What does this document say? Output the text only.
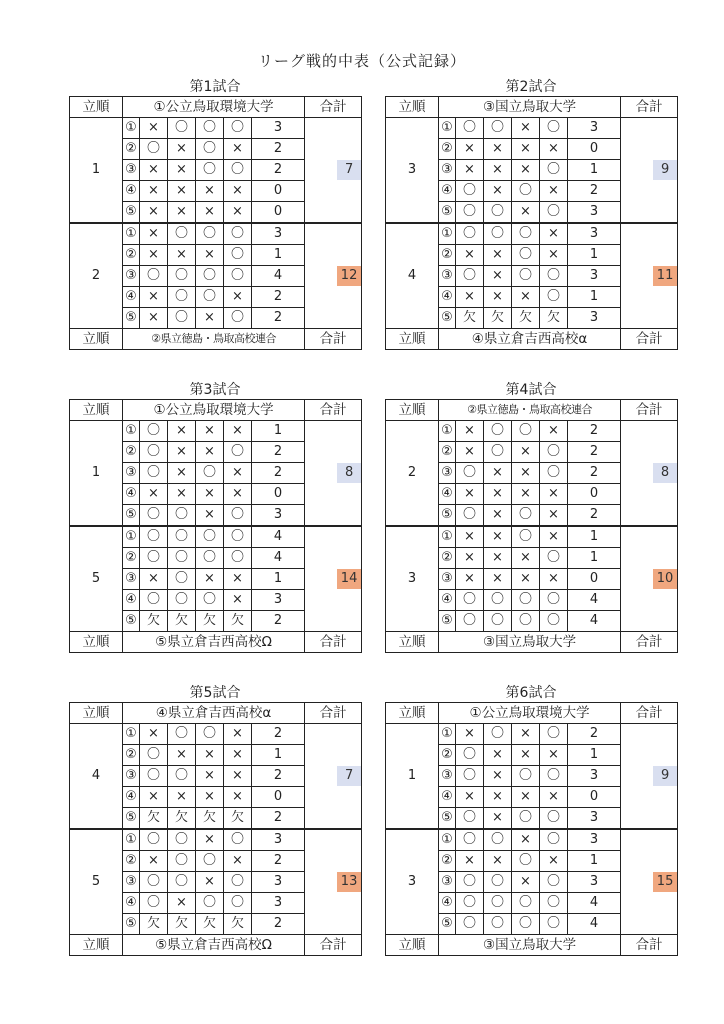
リーグ戦的中表（公式記録）
第1試合
立順	①公立鳥取環境大学						合計
1	①	×	〇	〇	〇	3	7

	②	〇	×	〇	×	2	
	③	×	×	〇	〇	2	
	④	×	×	×	×	0	
	⑤	×	×	×	×	0	
2	①	×	〇	〇	〇	3	12

	②	×	×	×	〇	1	
	③	〇	〇	〇	〇	4	
	④	×	〇	〇	×	2	
	⑤	×	〇	×	〇	2	
立順	②県立徳島・鳥取高校連合						合計
第2試合
立順	③国立鳥取大学						合計
3	①	〇	〇	×	〇	3	9

	②	×	×	×	×	0	
	③	×	×	×	〇	1	
	④	〇	×	〇	×	2	
	⑤	〇	〇	×	〇	3	
4	①	〇	〇	〇	×	3	11

	②	×	×	〇	×	1	
	③	〇	×	〇	〇	3	
	④	×	×	×	〇	1	
	⑤	欠	欠	欠	欠	3	
立順	④県立倉吉西高校α						合計
第3試合
立順	①公立鳥取環境大学						合計
1	①	〇	×	×	×	1	8

	②	〇	×	×	〇	2	
	③	〇	×	〇	×	2	
	④	×	×	×	×	0	
	⑤	〇	〇	×	〇	3	
5	①	〇	〇	〇	〇	4	14

	②	〇	〇	〇	〇	4	
	③	×	〇	×	×	1	
	④	〇	〇	〇	×	3	
	⑤	欠	欠	欠	欠	2	
立順	⑤県立倉吉西高校Ω						合計
第4試合
立順	②県立徳島・鳥取高校連合						合計
2	①	×	〇	〇	×	2	8

	②	×	〇	×	〇	2	
	③	〇	×	×	〇	2	
	④	×	×	×	×	0	
	⑤	〇	×	〇	×	2	
3	①	×	×	〇	×	1	10

	②	×	×	×	〇	1	
	③	×	×	×	×	0	
	④	〇	〇	〇	〇	4	
	⑤	〇	〇	〇	〇	4	
立順	③国立鳥取大学						合計
第5試合
立順	④県立倉吉西高校α						合計
4	①	×	〇	〇	×	2	7

	②	〇	×	×	×	1	
	③	〇	〇	×	×	2	
	④	×	×	×	×	0	
	⑤	欠	欠	欠	欠	2	
5	①	〇	〇	×	〇	3	13

	②	×	〇	〇	×	2	
	③	〇	〇	×	〇	3	
	④	〇	×	〇	〇	3	
	⑤	欠	欠	欠	欠	2	
立順	⑤県立倉吉西高校Ω						合計
第6試合
立順	①公立鳥取環境大学						合計
1	①	×	〇	×	〇	2	9

	②	〇	×	×	×	1	
	③	〇	×	〇	〇	3	
	④	×	×	×	×	0	
	⑤	〇	×	〇	〇	3	
3	①	〇	〇	×	〇	3	15

	②	×	×	〇	×	1	
	③	〇	〇	×	〇	3	
	④	〇	〇	〇	〇	4	
	⑤	〇	〇	〇	〇	4	
立順	③国立鳥取大学						合計
